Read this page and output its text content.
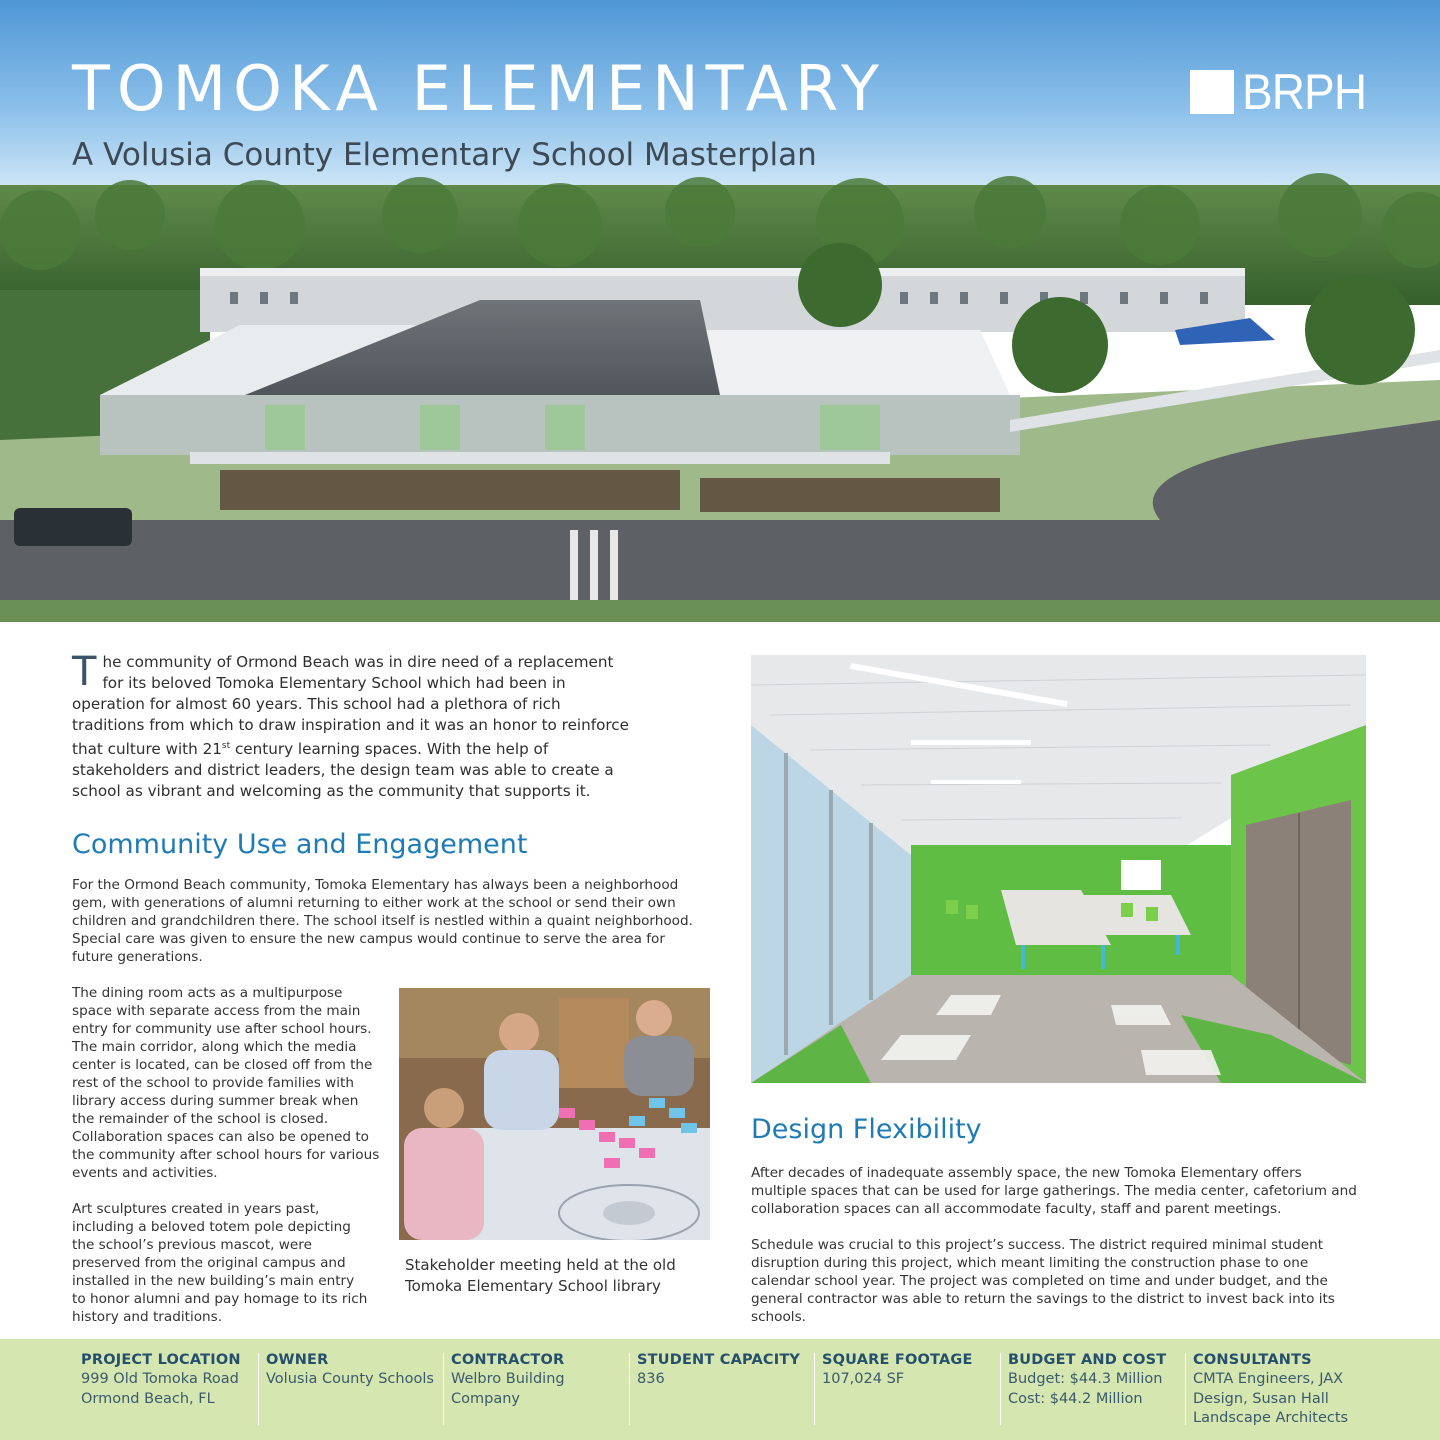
TOMOKA ELEMENTARY
A Volusia County Elementary School Masterplan
BRPH
The community of Ormond Beach was in dire need of a replacement for its beloved Tomoka Elementary School which had been in operation for almost 60 years. This school had a plethora of rich traditions from which to draw inspiration and it was an honor to reinforce that culture with 21st century learning spaces. With the help of stakeholders and district leaders, the design team was able to create a school as vibrant and welcoming as the community that supports it.
Community Use and Engagement

For the Ormond Beach community, Tomoka Elementary has always been a neighborhood gem, with generations of alumni returning to either work at the school or send their own children and grandchildren there. The school itself is nestled within a quaint neighborhood. Special care was given to ensure the new campus would continue to serve the area for future generations.

The dining room acts as a multipurpose space with separate access from the main entry for community use after school hours. The main corridor, along which the media center is located, can be closed off from the rest of the school to provide families with library access during summer break when the remainder of the school is closed. Collaboration spaces can also be opened to the community after school hours for various events and activities.

Art sculptures created in years past, including a beloved totem pole depicting the school’s previous mascot, were preserved from the original campus and installed in the new building’s main entry to honor alumni and pay homage to its rich history and traditions.

Stakeholder meeting held at the old Tomoka Elementary School library

Design Flexibility

After decades of inadequate assembly space, the new Tomoka Elementary offers multiple spaces that can be used for large gatherings. The media center, cafetorium and collaboration spaces can all accommodate faculty, staff and parent meetings.

Schedule was crucial to this project’s success. The district required minimal student disruption during this project, which meant limiting the construction phase to one calendar school year. The project was completed on time and under budget, and the general contractor was able to return the savings to the district to invest back into its schools.

PROJECT LOCATION
999 Old Tomoka Road
Ormond Beach, FL
OWNER
Volusia County Schools
CONTRACTOR
Welbro Building
Company
STUDENT CAPACITY
836
SQUARE FOOTAGE
107,024 SF
BUDGET AND COST
Budget: $44.3 Million
Cost: $44.2 Million
CONSULTANTS
CMTA Engineers, JAX
Design, Susan Hall
Landscape Architects
